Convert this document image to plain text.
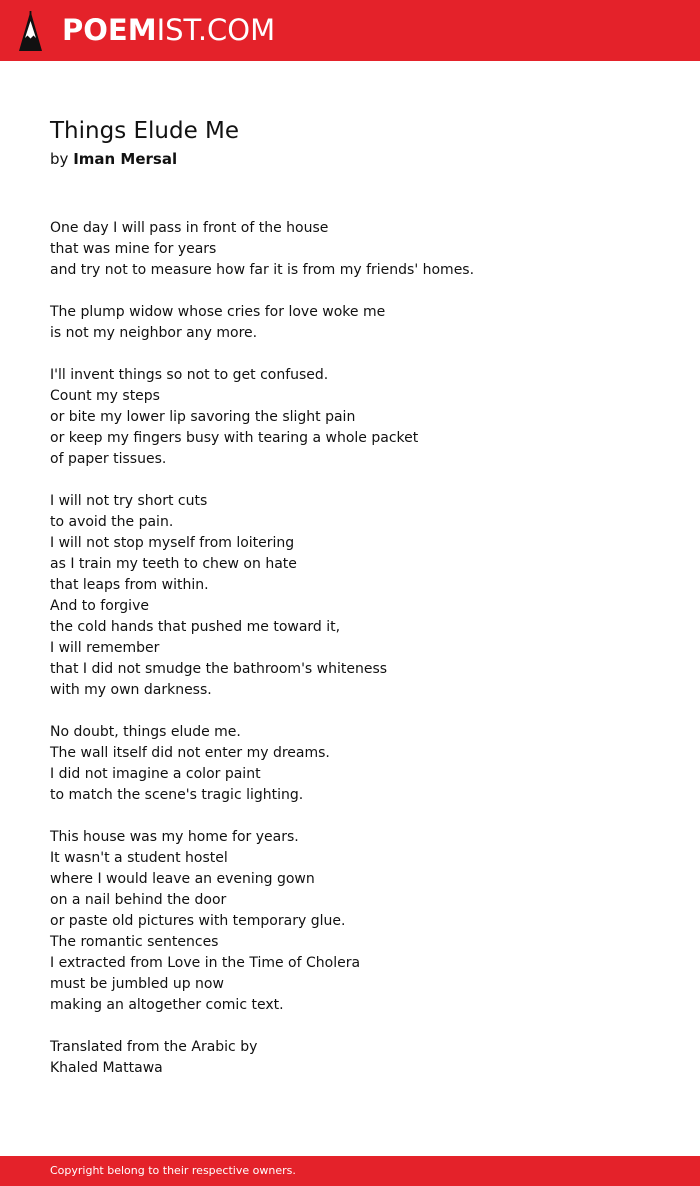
POEMIST.COM
Things Elude Me
by Iman Mersal
One day I will pass in front of the house
that was mine for years
and try not to measure how far it is from my friends' homes.
The plump widow whose cries for love woke me
is not my neighbor any more.
I'll invent things so not to get confused.
Count my steps
or bite my lower lip savoring the slight pain
or keep my fingers busy with tearing a whole packet
of paper tissues.
I will not try short cuts
to avoid the pain.
I will not stop myself from loitering
as I train my teeth to chew on hate
that leaps from within.
And to forgive
the cold hands that pushed me toward it,
I will remember
that I did not smudge the bathroom's whiteness
with my own darkness.
No doubt, things elude me.
The wall itself did not enter my dreams.
I did not imagine a color paint
to match the scene's tragic lighting.
This house was my home for years.
It wasn't a student hostel
where I would leave an evening gown
on a nail behind the door
or paste old pictures with temporary glue.
The romantic sentences
I extracted from Love in the Time of Cholera
must be jumbled up now
making an altogether comic text.
Translated from the Arabic by
Khaled Mattawa
Copyright belong to their respective owners.
